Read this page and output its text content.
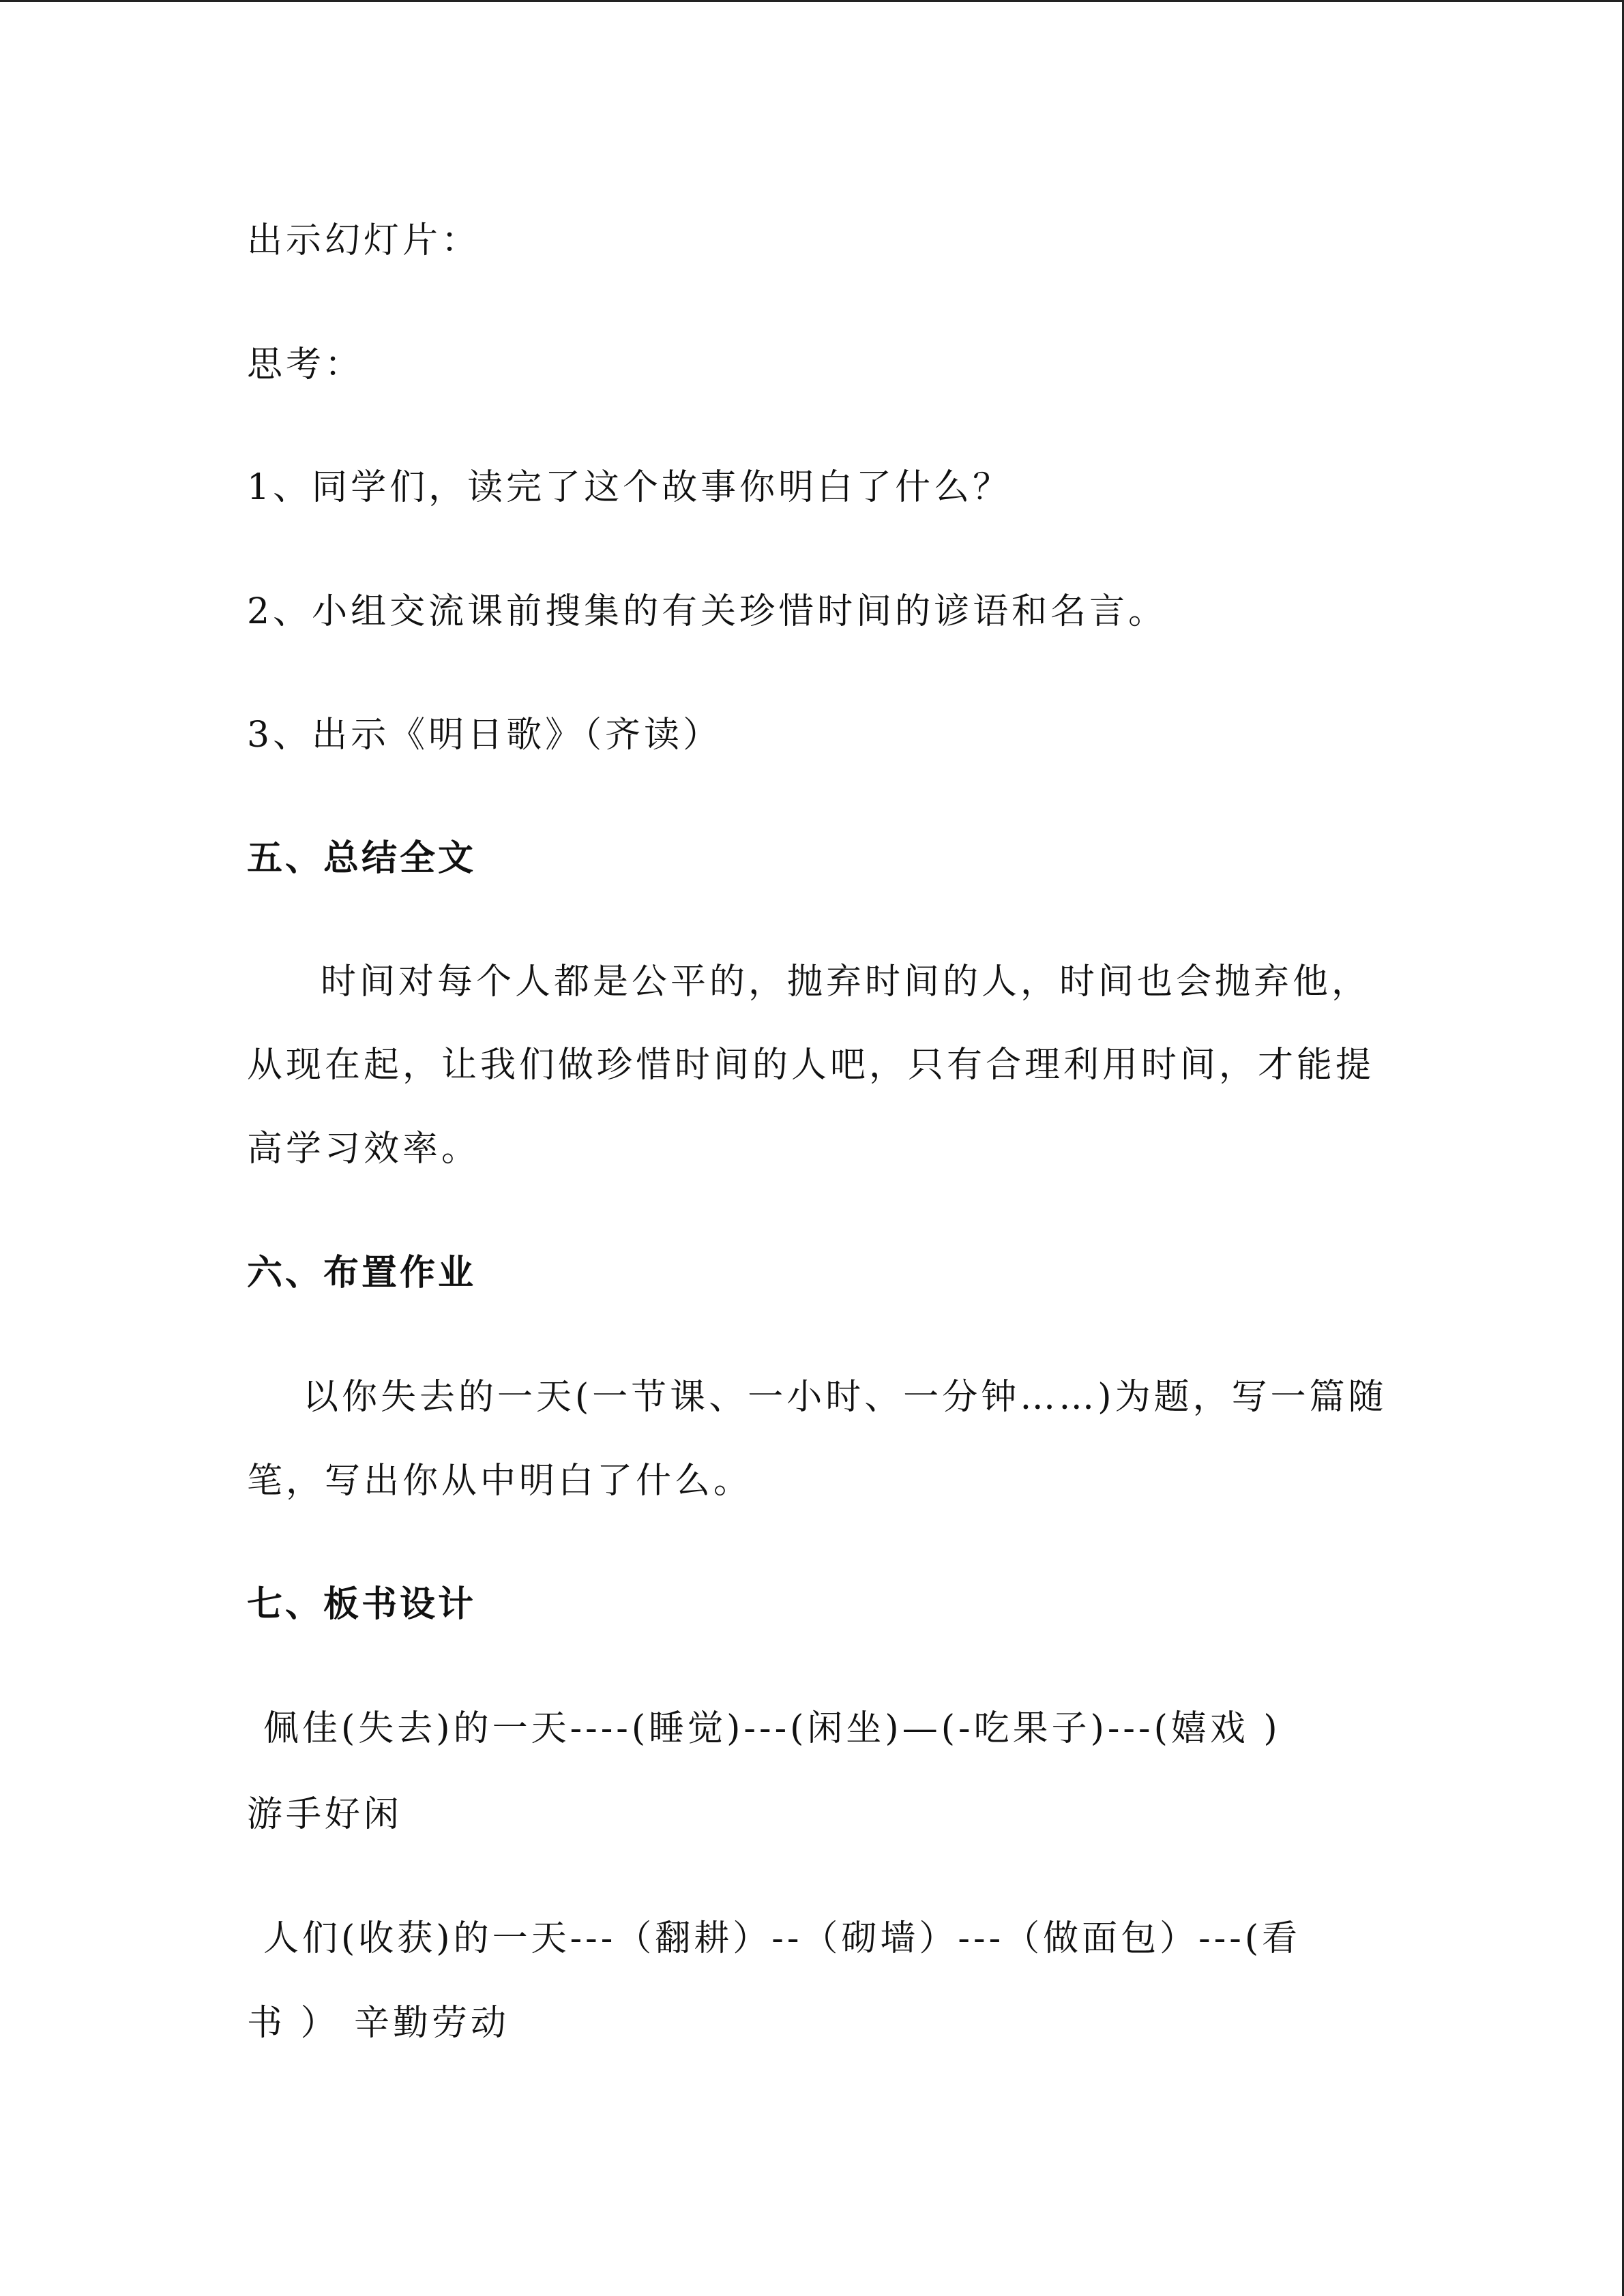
出示幻灯片：
思考：
1、同学们，读完了这个故事你明白了什么？
2、小组交流课前搜集的有关珍惜时间的谚语和名言。
3、出示《明日歌》（齐读）
五、总结全文
时间对每个人都是公平的，抛弃时间的人，时间也会抛弃他，
从现在起，让我们做珍惜时间的人吧，只有合理利用时间，才能提
高学习效率。
六、布置作业
以你失去的一天(一节课、一小时、一分钟……)为题，写一篇随
笔，写出你从中明白了什么。
七、板书设计
佩佳(失去)的一天----(睡觉)---(闲坐)—(-吃果子)---(嬉戏 )
游手好闲
人们(收获)的一天---（翻耕）--（砌墙）---（做面包）---(看
书 ） 辛勤劳动
